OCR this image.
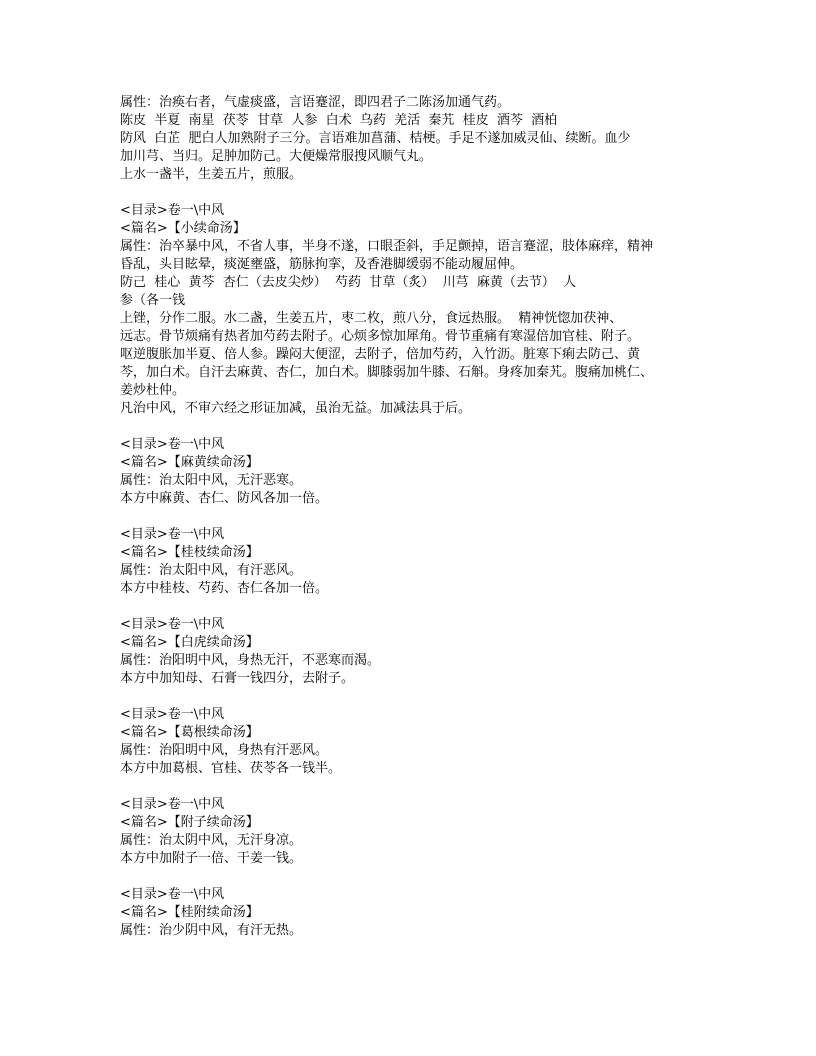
属性：治痪右者，气虚痰盛，言语蹇涩，即四君子二陈汤加通气药。
陈皮  半夏  南星  茯苓  甘草  人参  白术  乌药  羌活  秦艽  桂皮  酒芩  酒柏
防风  白芷  肥白人加熟附子三分。言语难加菖蒲、桔梗。手足不遂加威灵仙、续断。血少
加川芎、当归。足肿加防己。大便燥常服搜风顺气丸。
上水一盏半，生姜五片，煎服。
<目录>卷一\中风
<篇名>【小续命汤】
属性：治卒暴中风，不省人事，半身不遂，口眼歪斜，手足颤掉，语言蹇涩，肢体麻痒，精神
昏乱，头目眩晕，痰涎壅盛，筋脉拘挛，及香港脚缓弱不能动履屈伸。
防己  桂心  黄芩  杏仁（去皮尖炒）  芍药  甘草（炙）  川芎  麻黄（去节）  人
参（各一钱
上锉，分作二服。水二盏，生姜五片，枣二枚，煎八分，食远热服。  精神恍惚加茯神、
远志。骨节烦痛有热者加芍药去附子。心烦多惊加犀角。骨节重痛有寒湿倍加官桂、附子。
呕逆腹胀加半夏、倍人参。躁闷大便涩，去附子，倍加芍药，入竹沥。脏寒下痢去防己、黄
芩，加白术。自汗去麻黄、杏仁，加白术。脚膝弱加牛膝、石斛。身疼加秦艽。腹痛加桃仁、
姜炒杜仲。
凡治中风，不审六经之形证加减，虽治无益。加减法具于后。
<目录>卷一\中风
<篇名>【麻黄续命汤】
属性：治太阳中风，无汗恶寒。
本方中麻黄、杏仁、防风各加一倍。
<目录>卷一\中风
<篇名>【桂枝续命汤】
属性：治太阳中风，有汗恶风。
本方中桂枝、芍药、杏仁各加一倍。
<目录>卷一\中风
<篇名>【白虎续命汤】
属性：治阳明中风，身热无汗，不恶寒而渴。
本方中加知母、石膏一钱四分，去附子。
<目录>卷一\中风
<篇名>【葛根续命汤】
属性：治阳明中风，身热有汗恶风。
本方中加葛根、官桂、茯苓各一钱半。
<目录>卷一\中风
<篇名>【附子续命汤】
属性：治太阴中风，无汗身凉。
本方中加附子一倍、干姜一钱。
<目录>卷一\中风
<篇名>【桂附续命汤】
属性：治少阴中风，有汗无热。
